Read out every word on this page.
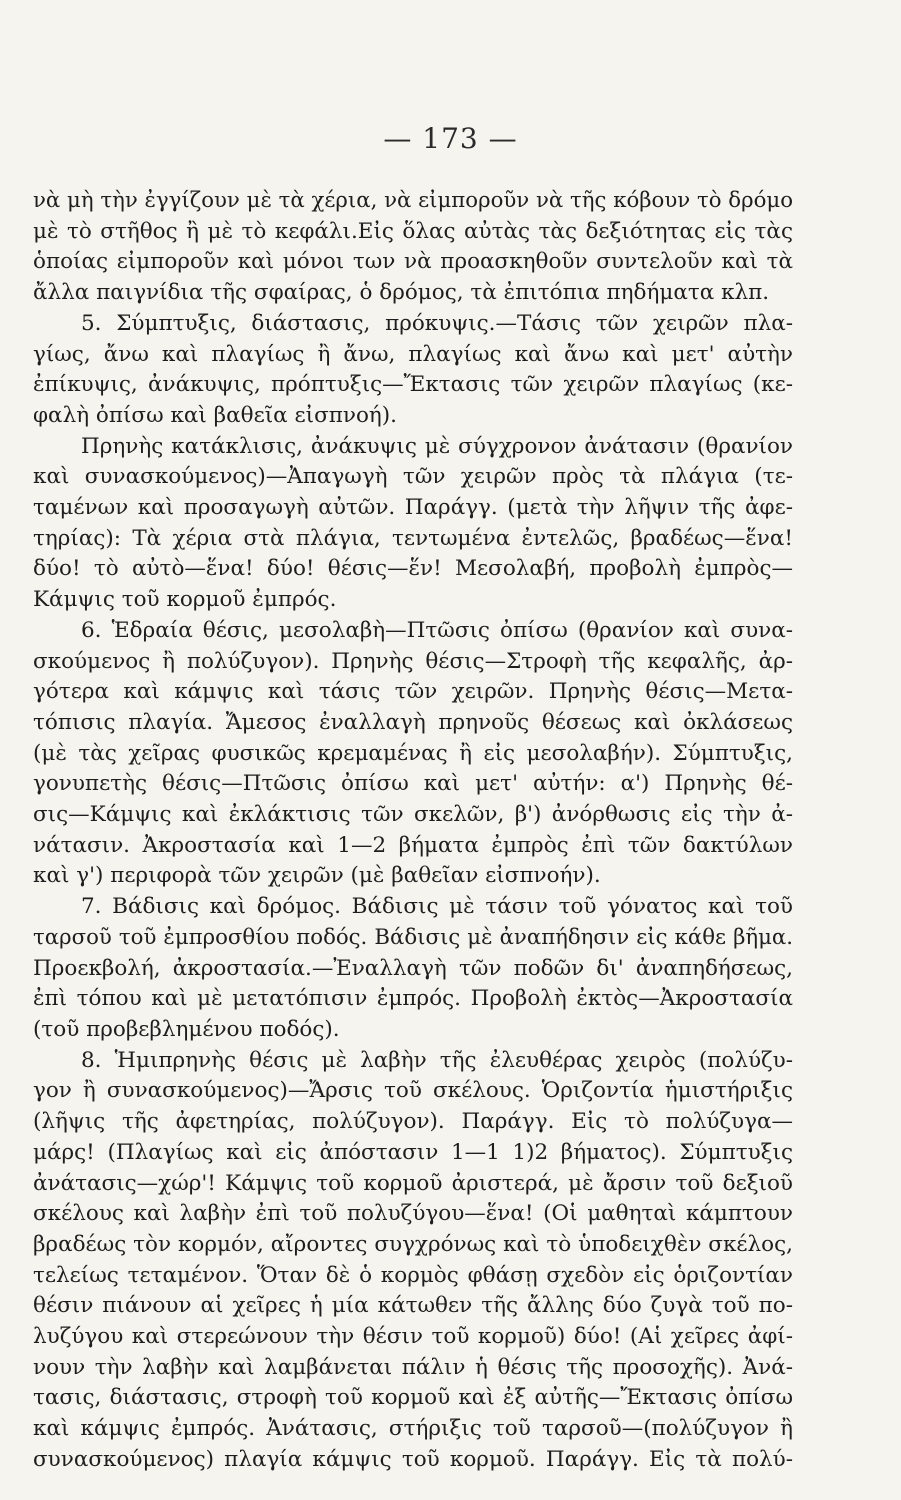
— 173 —
νὰ μὴ τὴν ἐγγίζουν μὲ τὰ χέρια, νὰ εἰμποροῦν νὰ τῆς κόβουν τὸ δρόμο
μὲ τὸ στῆθος ἢ μὲ τὸ κεφάλι.Εἰς ὅλας αὐτὰς τὰς δεξιότητας εἰς τὰς
ὁποίας εἰμποροῦν καὶ μόνοι των νὰ προασκηθοῦν συντελοῦν καὶ τὰ
ἄλλα παιγνίδια τῆς σφαίρας, ὁ δρόμος, τὰ ἐπιτόπια πηδήματα κλπ.
5. Σύμπτυξις, διάστασις, πρόκυψις.—Τάσις τῶν χειρῶν πλα-
γίως, ἄνω καὶ πλαγίως ἢ ἄνω, πλαγίως καὶ ἄνω καὶ μετ' αὐτὴν
ἐπίκυψις, ἀνάκυψις, πρόπτυξις—Ἔκτασις τῶν χειρῶν πλαγίως (κε-
φαλὴ ὀπίσω καὶ βαθεῖα εἰσπνοή).
Πρηνὴς κατάκλισις, ἀνάκυψις μὲ σύγχρονον ἀνάτασιν (θρανίον
καὶ συνασκούμενος)—Ἀπαγωγὴ τῶν χειρῶν πρὸς τὰ πλάγια (τε-
ταμένων καὶ προσαγωγὴ αὐτῶν. Παράγγ. (μετὰ τὴν λῆψιν τῆς ἀφε-
τηρίας): Τὰ χέρια στὰ πλάγια, τεντωμένα ἐντελῶς, βραδέως—ἕνα!
δύο! τὸ αὐτὸ—ἕνα! δύο! θέσις—ἕν! Μεσολαβή, προβολὴ ἐμπρὸς—
Κάμψις τοῦ κορμοῦ ἐμπρός.
6. Ἑδραία θέσις, μεσολαβὴ—Πτῶσις ὀπίσω (θρανίον καὶ συνα-
σκούμενος ἢ πολύζυγον). Πρηνὴς θέσις—Στροφὴ τῆς κεφαλῆς, ἀρ-
γότερα καὶ κάμψις καὶ τάσις τῶν χειρῶν. Πρηνὴς θέσις—Μετα-
τόπισις πλαγία. Ἄμεσος ἐναλλαγὴ πρηνοῦς θέσεως καὶ ὀκλάσεως
(μὲ τὰς χεῖρας φυσικῶς κρεμαμένας ἢ εἰς μεσολαβήν). Σύμπτυξις,
γονυπετὴς θέσις—Πτῶσις ὀπίσω καὶ μετ' αὐτήν: α') Πρηνὴς θέ-
σις—Κάμψις καὶ ἐκλάκτισις τῶν σκελῶν, β') ἀνόρθωσις εἰς τὴν ἀ-
νάτασιν. Ἀκροστασία καὶ 1—2 βήματα ἐμπρὸς ἐπὶ τῶν δακτύλων
καὶ γ') περιφορὰ τῶν χειρῶν (μὲ βαθεῖαν εἰσπνοήν).
7. Βάδισις καὶ δρόμος. Βάδισις μὲ τάσιν τοῦ γόνατος καὶ τοῦ
ταρσοῦ τοῦ ἐμπροσθίου ποδός. Βάδισις μὲ ἀναπήδησιν εἰς κάθε βῆμα.
Προεκβολή, ἀκροστασία.—Ἐναλλαγὴ τῶν ποδῶν δι' ἀναπηδήσεως,
ἐπὶ τόπου καὶ μὲ μετατόπισιν ἐμπρός. Προβολὴ ἐκτὸς—Ἀκροστασία
(τοῦ προβεβλημένου ποδός).
8. Ἡμιπρηνὴς θέσις μὲ λαβὴν τῆς ἐλευθέρας χειρὸς (πολύζυ-
γον ἢ συνασκούμενος)—Ἄρσις τοῦ σκέλους. Ὁριζοντία ἡμιστήριξις
(λῆψις τῆς ἀφετηρίας, πολύζυγον). Παράγγ. Εἰς τὸ πολύζυγα—
μάρς! (Πλαγίως καὶ εἰς ἀπόστασιν 1—1 1)2 βήματος). Σύμπτυξις
ἀνάτασις—χώρ'! Κάμψις τοῦ κορμοῦ ἀριστερά, μὲ ἄρσιν τοῦ δεξιοῦ
σκέλους καὶ λαβὴν ἐπὶ τοῦ πολυζύγου—ἕνα! (Οἱ μαθηταὶ κάμπτουν
βραδέως τὸν κορμόν, αἴροντες συγχρόνως καὶ τὸ ὑποδειχθὲν σκέλος,
τελείως τεταμένον. Ὅταν δὲ ὁ κορμὸς φθάσῃ σχεδὸν εἰς ὁριζοντίαν
θέσιν πιάνουν αἱ χεῖρες ἡ μία κάτωθεν τῆς ἄλλης δύο ζυγὰ τοῦ πο-
λυζύγου καὶ στερεώνουν τὴν θέσιν τοῦ κορμοῦ) δύο! (Αἱ χεῖρες ἀφί-
νουν τὴν λαβὴν καὶ λαμβάνεται πάλιν ἡ θέσις τῆς προσοχῆς). Ἀνά-
τασις, διάστασις, στροφὴ τοῦ κορμοῦ καὶ ἐξ αὐτῆς—Ἔκτασις ὀπίσω
καὶ κάμψις ἐμπρός. Ἀνάτασις, στήριξις τοῦ ταρσοῦ—(πολύζυγον ἢ
συνασκούμενος) πλαγία κάμψις τοῦ κορμοῦ. Παράγγ. Εἰς τὰ πολύ-
